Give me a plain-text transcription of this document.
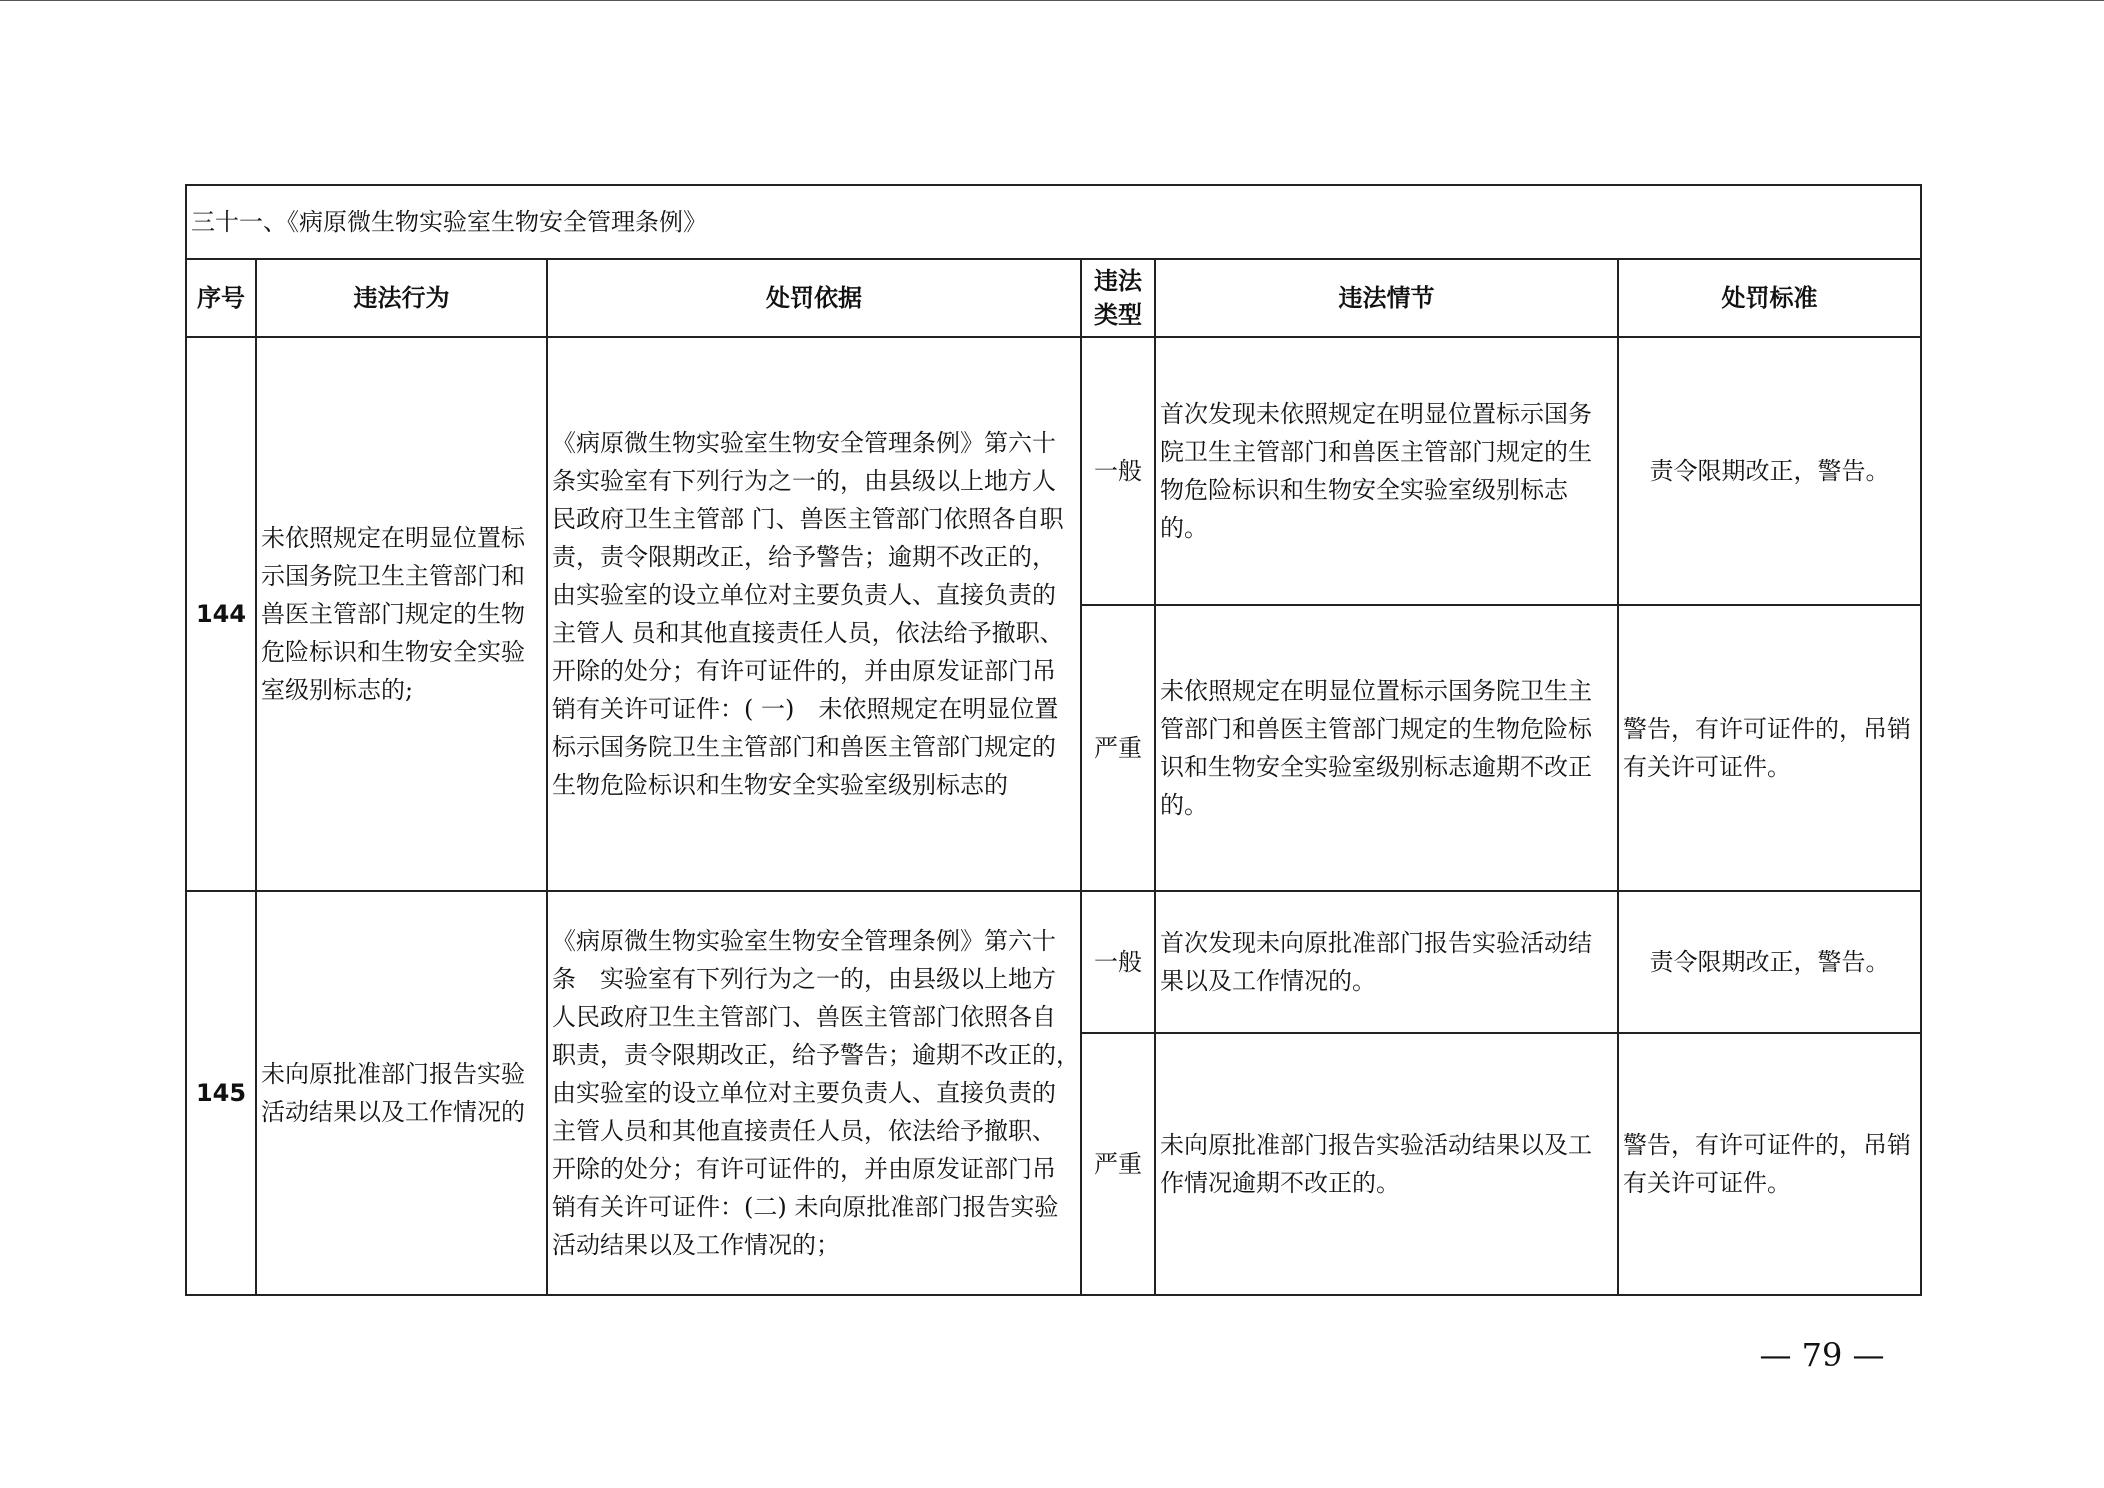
三十一、《病原微生物实验室生物安全管理条例》					
序号	违法行为	处罚依据	违法类型	违法情节	处罚标准
144	未依照规定在明显位置标示国务院卫生主管部门和兽医主管部门规定的生物危险标识和生物安全实验室级别标志的;	《病原微生物实验室生物安全管理条例》第六十条实验室有下列行为之一的，由县级以上地方人民政府卫生主管部 门、兽医主管部门依照各自职责，责令限期改正，给予警告；逾期不改正的，由实验室的设立单位对主要负责人、直接负责的主管人 员和其他直接责任人员，依法给予撤职、开除的处分；有许可证件的，并由原发证部门吊销有关许可证件：( 一)　未依照规定在明显位置标示国务院卫生主管部门和兽医主管部门规定的生物危险标识和生物安全实验室级别标志的	一般	首次发现未依照规定在明显位置标示国务院卫生主管部门和兽医主管部门规定的生物危险标识和生物安全实验室级别标志的。	责令限期改正，警告。
			严重	未依照规定在明显位置标示国务院卫生主管部门和兽医主管部门规定的生物危险标识和生物安全实验室级别标志逾期不改正的。	警告，有许可证件的，吊销有关许可证件。
145	未向原批准部门报告实验活动结果以及工作情况的	《病原微生物实验室生物安全管理条例》第六十条　实验室有下列行为之一的，由县级以上地方人民政府卫生主管部门、兽医主管部门依照各自职责，责令限期改正，给予警告；逾期不改正的，　由实验室的设立单位对主要负责人、直接负责的主管人员和其他直接责任人员，依法给予撤职、开除的处分；有许可证件的，并由原发证部门吊销有关许可证件：(二) 未向原批准部门报告实验活动结果以及工作情况的；	一般	首次发现未向原批准部门报告实验活动结果以及工作情况的。	责令限期改正，警告。
			严重	未向原批准部门报告实验活动结果以及工作情况逾期不改正的。	警告，有许可证件的，吊销有关许可证件。
— 79 —
